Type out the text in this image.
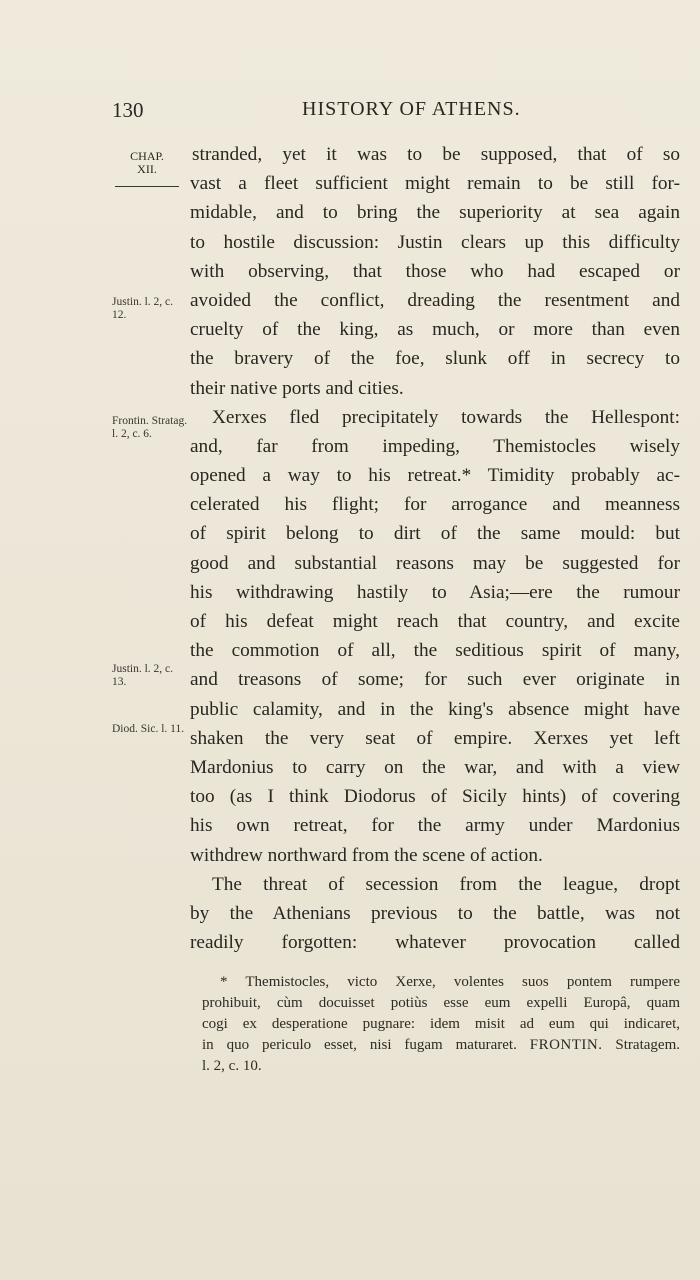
130	HISTORY OF ATHENS.
CHAP.
XII.
Justin. l. 2, c. 12.
Frontin. Stratag. l. 2, c. 6.
Justin. l. 2, c. 13.
Diod. Sic. l. 11.
stranded, yet it was to be supposed, that of so
vast a fleet sufficient might remain to be still for-
midable, and to bring the superiority at sea again
to hostile discussion: Justin clears up this difficulty
with observing, that those who had escaped or
avoided the conflict, dreading the resentment and
cruelty of the king, as much, or more than even
the bravery of the foe, slunk off in secrecy to
their native ports and cities.
Xerxes fled precipitately towards the Hellespont:
and, far from impeding, Themistocles wisely
opened a way to his retreat.* Timidity probably ac-
celerated his flight; for arrogance and meanness
of spirit belong to dirt of the same mould: but
good and substantial reasons may be suggested for
his withdrawing hastily to Asia;—ere the rumour
of his defeat might reach that country, and excite
the commotion of all, the seditious spirit of many,
and treasons of some; for such ever originate in
public calamity, and in the king's absence might have
shaken the very seat of empire. Xerxes yet left
Mardonius to carry on the war, and with a view
too (as I think Diodorus of Sicily hints) of covering
his own retreat, for the army under Mardonius
withdrew northward from the scene of action.
The threat of secession from the league, dropt
by the Athenians previous to the battle, was not
readily forgotten: whatever provocation called
* Themistocles, victo Xerxe, volentes suos pontem rumpere
prohibuit, cùm docuisset potiùs esse eum expelli Europâ, quam
cogi ex desperatione pugnare: idem misit ad eum qui indicaret,
in quo periculo esset, nisi fugam maturaret. FRONTIN. Stratagem.
l. 2, c. 10.
